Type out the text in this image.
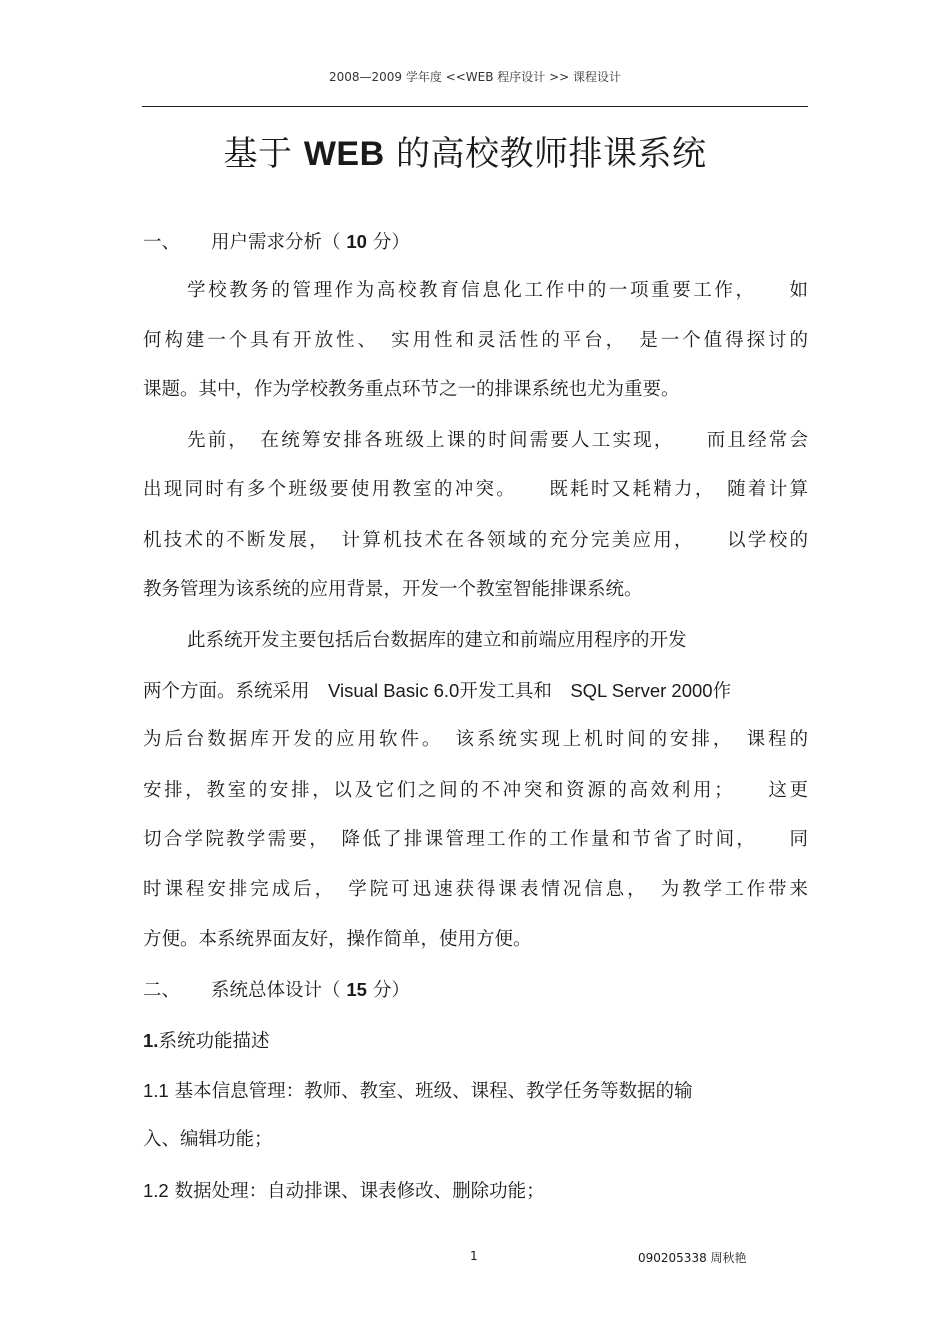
2008—2009 学年度 <<WEB 程序设计 >> 课程设计
基于 WEB 的高校教师排课系统
一、 用户需求分析（ 10 分）
学校教务的管理作为高校教育信息化工作中的一项重要工作，　　如
何构建一个具有开放性、　实用性和灵活性的平台，　是一个值得探讨的
课题。其中，作为学校教务重点环节之一的排课系统也尤为重要。
先前，　在统筹安排各班级上课的时间需要人工实现，　　而且经常会
出现同时有多个班级要使用教室的冲突。　　既耗时又耗精力，　随着计算
机技术的不断发展，　计算机技术在各领域的充分完美应用，　　以学校的
教务管理为该系统的应用背景，开发一个教室智能排课系统。
此系统开发主要包括后台数据库的建立和前端应用程序的开发
两个方面。系统采用　Visual Basic 6.0开发工具和　SQL Server 2000作
为后台数据库开发的应用软件。　该系统实现上机时间的安排，　课程的
安排，教室的安排，以及它们之间的不冲突和资源的高效利用；　　这更
切合学院教学需要，　降低了排课管理工作的工作量和节省了时间，　　同
时课程安排完成后，　学院可迅速获得课表情况信息，　为教学工作带来
方便。本系统界面友好，操作简单，使用方便。
二、 系统总体设计（ 15 分）
1.系统功能描述
1.1 基本信息管理：教师、教室、班级、课程、教学任务等数据的输
入、编辑功能；
1.2 数据处理：自动排课、课表修改、删除功能；
1	090205338 周秋艳
